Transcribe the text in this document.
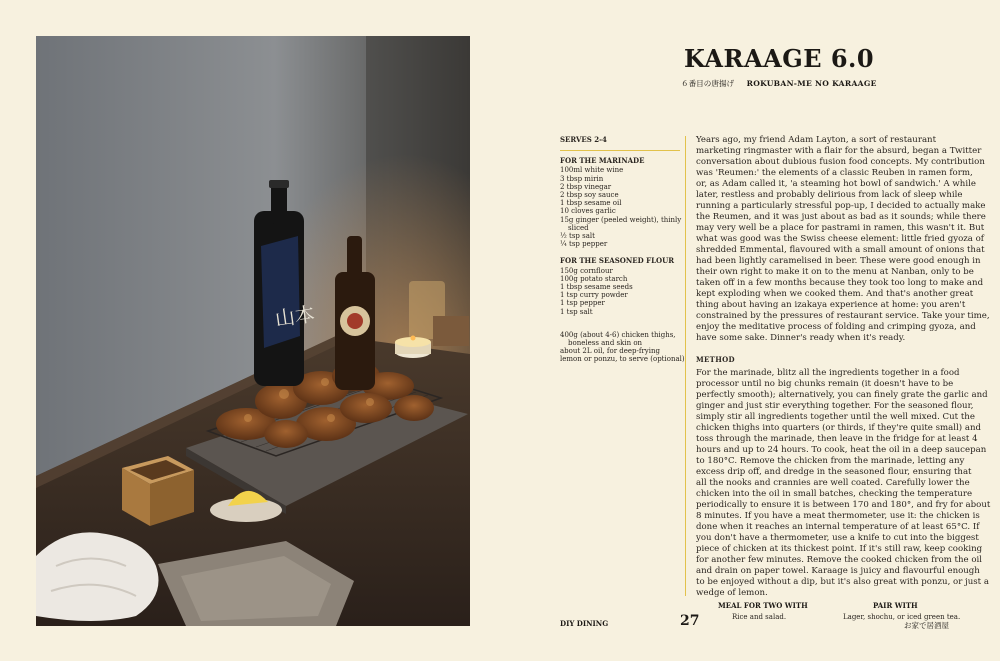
山本
KARAAGE 6.0
６番目の唐揚げ ROKUBAN-ME NO KARAAGE
SERVES 2-4
FOR THE MARINADE
100ml white wine
3 tbsp mirin
2 tbsp vinegar
2 tbsp soy sauce
1 tbsp sesame oil
10 cloves garlic
15g ginger (peeled weight), thinly
sliced
½ tsp salt
¼ tsp pepper
FOR THE SEASONED FLOUR
150g cornflour
100g potato starch
1 tbsp sesame seeds
1 tsp curry powder
1 tsp pepper
1 tsp salt
400g (about 4-6) chicken thighs,
boneless and skin on
about 2L oil, for deep-frying
lemon or ponzu, to serve (optional)

Years ago, my friend Adam Layton, a sort of restaurant

marketing ringmaster with a flair for the absurd, began a Twitter

conversation about dubious fusion food concepts. My contribution

was 'Reumen:' the elements of a classic Reuben in ramen form,

or, as Adam called it, 'a steaming hot bowl of sandwich.' A while

later, restless and probably delirious from lack of sleep while

running a particularly stressful pop-up, I decided to actually make

the Reumen, and it was just about as bad as it sounds; while there

may very well be a place for pastrami in ramen, this wasn't it. But

what was good was the Swiss cheese element: little fried gyoza of

shredded Emmental, flavoured with a small amount of onions that

had been lightly caramelised in beer. These were good enough in

their own right to make it on to the menu at Nanban, only to be

taken off in a few months because they took too long to make and

kept exploding when we cooked them. And that's another great

thing about having an izakaya experience at home: you aren't

constrained by the pressures of restaurant service. Take your time,

enjoy the meditative process of folding and crimping gyoza, and

have some sake. Dinner's ready when it's ready.

METHOD

For the marinade, blitz all the ingredients together in a food

processor until no big chunks remain (it doesn't have to be

perfectly smooth); alternatively, you can finely grate the garlic and

ginger and just stir everything together. For the seasoned flour,

simply stir all ingredients together until the well mixed. Cut the

chicken thighs into quarters (or thirds, if they're quite small) and

toss through the marinade, then leave in the fridge for at least 4

hours and up to 24 hours. To cook, heat the oil in a deep saucepan

to 180°C. Remove the chicken from the marinade, letting any

excess drip off, and dredge in the seasoned flour, ensuring that

all the nooks and crannies are well coated. Carefully lower the

chicken into the oil in small batches, checking the temperature

periodically to ensure it is between 170 and 180°, and fry for about

8 minutes. If you have a meat thermometer, use it: the chicken is

done when it reaches an internal temperature of at least 65°C. If

you don't have a thermometer, use a knife to cut into the biggest

piece of chicken at its thickest point. If it's still raw, keep cooking

for another few minutes. Remove the cooked chicken from the oil

and drain on paper towel. Karaage is juicy and flavourful enough

to be enjoyed without a dip, but it's also great with ponzu, or just a

wedge of lemon.

DIY DINING	27
MEAL FOR TWO WITH
Rice and salad.
PAIR WITH
Lager, shochu, or iced green tea.
お家で居酒屋
